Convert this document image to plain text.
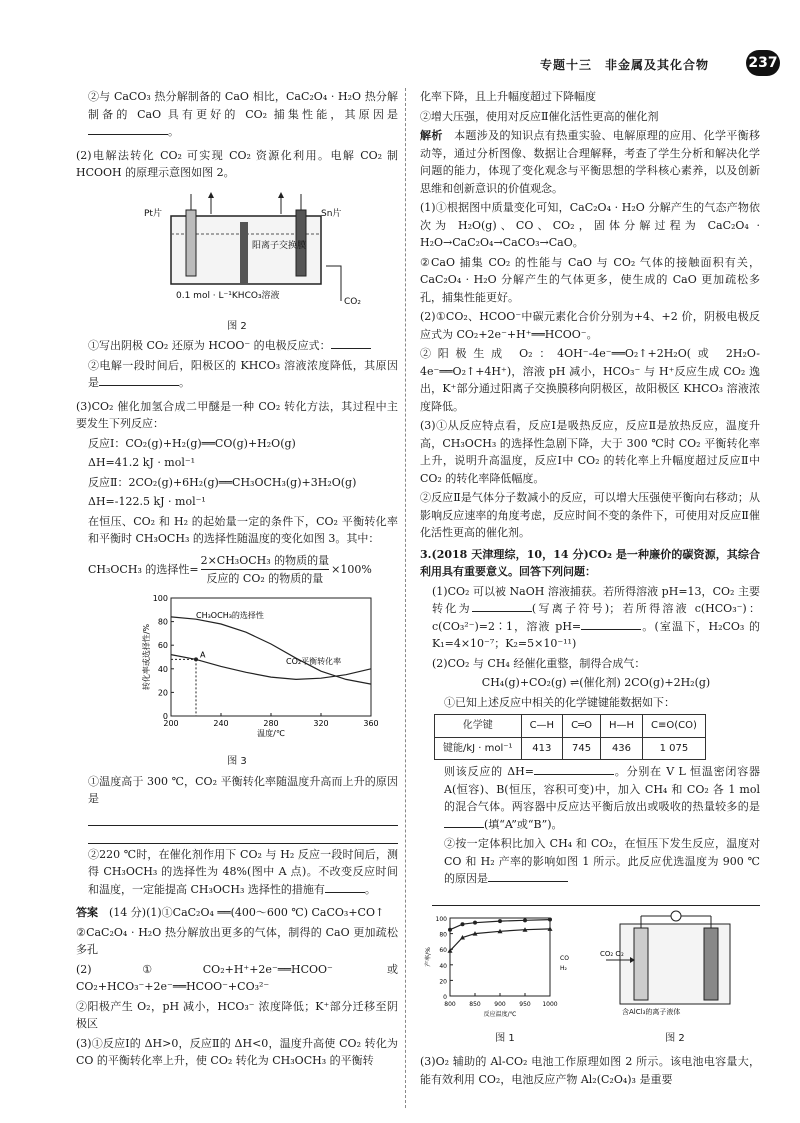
专题十三　非金属及其化合物	237

②与 CaCO₃ 热分解制备的 CaO 相比，CaC₂O₄ · H₂O 热分解制备的 CaO 具有更好的 CO₂ 捕集性能，其原因是。

(2)电解法转化 CO₂ 可实现 CO₂ 资源化利用。电解 CO₂ 制 HCOOH 的原理示意图如图 2。

Pt片	Sn片
阳离子交换膜
0.1 mol · L⁻¹KHCO₃溶液
CO₂

图 2

①写出阴极 CO₂ 还原为 HCOO⁻ 的电极反应式：

②电解一段时间后，阳极区的 KHCO₃ 溶液浓度降低，其原因是	。

(3)CO₂ 催化加氢合成二甲醚是一种 CO₂ 转化方法，其过程中主要发生下列反应：

反应Ⅰ：CO₂(g)+H₂(g)══CO(g)+H₂O(g)

ΔH=41.2 kJ · mol⁻¹

反应Ⅱ：2CO₂(g)+6H₂(g)══CH₃OCH₃(g)+3H₂O(g)

ΔH=-122.5 kJ · mol⁻¹

在恒压、CO₂ 和 H₂ 的起始量一定的条件下，CO₂ 平衡转化率和平衡时 CH₃OCH₃ 的选择性随温度的变化如图 3。其中：

CH₃OCH₃ 的选择性=
2×CH₃OCH₃ 的物质的量
反应的 CO₂ 的物质的量
×100%
200	240	280	320	360
0
20
40
60
80
100
温度/℃
转化率或选择性/%
CH₃OCH₃的选择性
CO₂平衡转化率
A

图 3

①温度高于 300 ℃，CO₂ 平衡转化率随温度升高而上升的原因是

②220 ℃时，在催化剂作用下 CO₂ 与 H₂ 反应一段时间后，测得 CH₃OCH₃ 的选择性为 48%(图中 A 点)。不改变反应时间和温度，一定能提高 CH₃OCH₃ 选择性的措施有	。

答案　 (14 分)(1)①CaC₂O₄ ══(400～600 ℃) CaCO₃+CO↑

②CaC₂O₄ · H₂O 热分解放出更多的气体，制得的 CaO 更加疏松多孔

(2)①CO₂+H⁺+2e⁻══HCOO⁻ 或 CO₂+HCO₃⁻+2e⁻══HCOO⁻+CO₃²⁻

②阳极产生 O₂，pH 减小，HCO₃⁻ 浓度降低；K⁺部分迁移至阴极区

(3)①反应Ⅰ的 ΔH>0，反应Ⅱ的 ΔH<0，温度升高使 CO₂ 转化为 CO 的平衡转化率上升，使 CO₂ 转化为 CH₃OCH₃ 的平衡转

化率下降，且上升幅度超过下降幅度

②增大压强，使用对反应Ⅱ催化活性更高的催化剂

解析　 本题涉及的知识点有热重实验、电解原理的应用、化学平衡移动等，通过分析图像、数据让合理解释，考查了学生分析和解决化学问题的能力，体现了变化观念与平衡思想的学科核心素养，以及创新思维和创新意识的价值观念。

(1)①根据图中质量变化可知，CaC₂O₄ · H₂O 分解产生的气态产物依次为 H₂O(g)、CO、CO₂，固体分解过程为 CaC₂O₄ · H₂O→CaC₂O₄→CaCO₃→CaO。

②CaO 捕集 CO₂ 的性能与 CaO 与 CO₂ 气体的接触面积有关，CaC₂O₄ · H₂O 分解产生的气体更多，使生成的 CaO 更加疏松多孔，捕集性能更好。

(2)①CO₂、HCOO⁻中碳元素化合价分别为+4、+2 价，阴极电极反应式为 CO₂+2e⁻+H⁺══HCOO⁻。

②阳极生成 O₂：4OH⁻-4e⁻══O₂↑+2H₂O(或 2H₂O-4e⁻══O₂↑+4H⁺)，溶液 pH 减小，HCO₃⁻ 与 H⁺反应生成 CO₂ 逸出，K⁺部分通过阳离子交换膜移向阴极区，故阳极区 KHCO₃ 溶液浓度降低。

(3)①从反应特点看，反应Ⅰ是吸热反应，反应Ⅱ是放热反应，温度升高，CH₃OCH₃ 的选择性急剧下降，大于 300 ℃时 CO₂ 平衡转化率上升，说明升高温度，反应Ⅰ中 CO₂ 的转化率上升幅度超过反应Ⅱ中 CO₂ 的转化率降低幅度。

②反应Ⅱ是气体分子数减小的反应，可以增大压强使平衡向右移动；从影响反应速率的角度考虑，反应时间不变的条件下，可使用对反应Ⅱ催化活性更高的催化剂。

3.(2018 天津理综，10，14 分)CO₂ 是一种廉价的碳资源，其综合利用具有重要意义。回答下列问题：

(1)CO₂ 可以被 NaOH 溶液捕获。若所得溶液 pH=13，CO₂ 主要转化为	(写离子符号)；若所得溶液 c(HCO₃⁻)：c(CO₃²⁻)=2∶1，溶液 pH=	。(室温下，H₂CO₃ 的 K₁=4×10⁻⁷；K₂=5×10⁻¹¹)

(2)CO₂ 与 CH₄ 经催化重整，制得合成气：

CH₄(g)+CO₂(g) ⇌(催化剂) 2CO(g)+2H₂(g)

①已知上述反应中相关的化学键键能数据如下：

化学键	C—H	C═O	H—H	C≡O(CO)
键能/kJ · mol⁻¹	413	745	436	1 075

则该反应的 ΔH=	。分别在 V L 恒温密闭容器 A(恒容)、B(恒压，容积可变)中，加入 CH₄ 和 CO₂ 各 1 mol 的混合气体。两容器中反应达平衡后放出或吸收的热量较多的是(填“A”或“B”)。

②按一定体积比加入 CH₄ 和 CO₂，在恒压下发生反应，温度对 CO 和 H₂ 产率的影响如图 1 所示。此反应优选温度为 900 ℃的原因是

800 850 900 950 1000
0
20
40
60
80
100
反应温度/℃
产率/%	CO
H₂
CO₂ O₂
含AlCl₃的离子液体

图 1	图 2

(3)O₂ 辅助的 Al-CO₂ 电池工作原理如图 2 所示。该电池电容量大，能有效利用 CO₂，电池反应产物 Al₂(C₂O₄)₃ 是重要
